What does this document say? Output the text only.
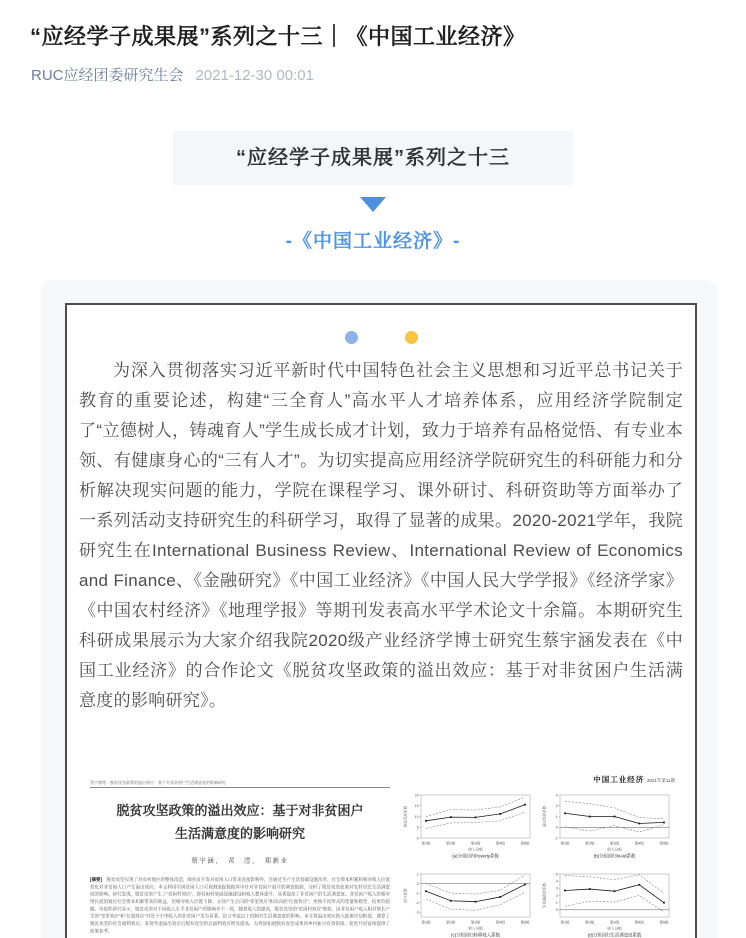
“应经学子成果展”系列之十三｜《中国工业经济》
RUC应经团委研究生会 2021-12-30 00:01
“应经学子成果展”系列之十三
-《中国工业经济》-

为深入贯彻落实习近平新时代中国特色社会主义思想和习近平总书记关于教育的重要论述，构建“三全育人”高水平人才培养体系，应用经济学院制定了“立德树人，铸魂育人”学生成长成才计划，致力于培养有品格觉悟、有专业本领、有健康身心的“三有人才”。为切实提高应用经济学院研究生的科研能力和分析解决现实问题的能力，学院在课程学习、课外研讨、科研资助等方面举办了一系列活动支持研究生的科研学习，取得了显著的成果。2020-2021学年，我院研究生在International Business Review、International Review of Economics and Finance、《金融研究》《中国工业经济》《中国人民大学学报》《经济学家》《中国农村经济》《地理学报》等期刊发表高水平学术论文十余篇。本期研究生科研成果展示为大家介绍我院2020级产业经济学博士研究生蔡宇涵发表在《中国工业经济》的合作论文《脱贫攻坚政策的溢出效应：基于对非贫困户生活满意度的影响研究》。

蔡宇涵等：脱贫攻坚政策的溢出效应：基于对非贫困户生活满意度的影响研究
脱贫攻坚政策的溢出效应：基于对非贫困户
生活满意度的影响研究
蔡宇涵，　黄　滢，　郑新业

[摘要]　脱贫攻坚实现了对农村地区的整体改造，除扶贫开发对贫困人口带来直接影响外，还通过生产生活基础设施改善、社会资本积累和相对收入位置变化对非贫困人口产生溢出效应。本文利用中国贫困人口可观测追踪数据库中针对非贫困户展开的调查数据，分析了脱贫攻坚政策对农村居民生活满意度的影响。研究发现，脱贫攻坚产生了“贫困村效应”，即贫困村基础设施建设和收入整体提升，显著提高了非贫困户的生活满意度；非贫困户收入的相对增长抵消通过社会资本积累带来的收益，但相对收入位置下降，分别产生正向的“邻里效应”和负向的“位置效应”，更换不同形式的变量和模型，结果均稳健。异质性研究显示，脱贫攻坚对不同收入水平非贫困户的影响并不一致，随着收入的提高，脱贫攻坚的“贫困村效应”增加，因非贫困户收入相对增长产生的“邻里效应”和“位置效应”对处于中等收入的非贫困户更为显著。综合考虑以上机制对生活满意度的影响，本文将溢出效应纳入政策评估框架，测算了脱贫攻坚的社会福利效应，发现考虑溢出效应后脱贫攻坚的总福利效应明显提高，为巩固拓展脱贫攻坚成果同乡村振兴有效衔接、促进共同富裕提供了政策参考。

中国工业经济 2021年第11期
0
5
10
15
20
第1组	第2组	第3组	第4组	第5组
收入分组
(a)分组回归Poverty系数
脱贫效应系数
-1
0
1
2
3
第1组	第2组	第3组	第4组	第5组
收入分组
(b)分组回归lnAid系数
溢出效应系数
-3
-2
-1
0
1
第1组	第2组	第3组	第4组	第5组
收入分组
(c)分组回归转移收入系数
估计系数
0
1
2
3
4
5
第1组	第2组	第3组	第4组	第5组
收入分组
(d)分组回归生活满意度系数
生活满意度系数
